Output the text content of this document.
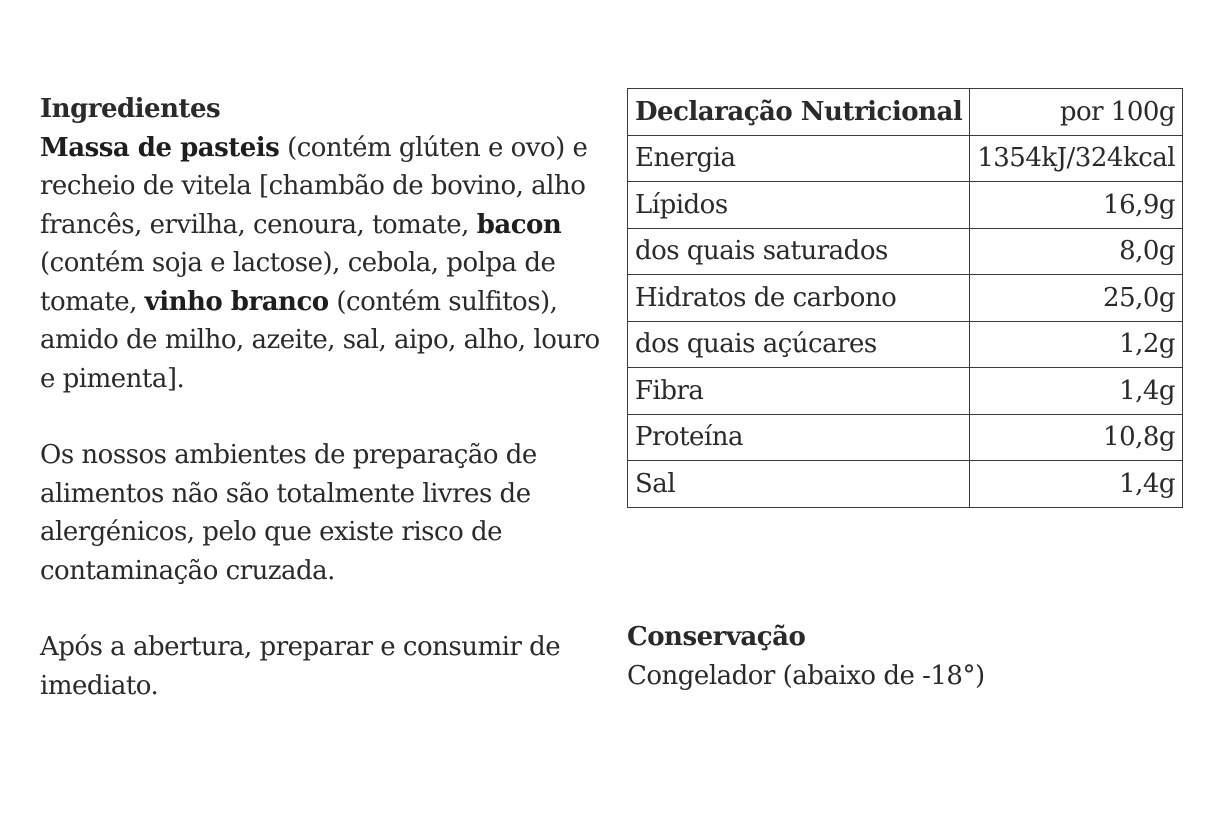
Ingredientes

Massa de pasteis (contém glúten e ovo) e recheio de vitela [chambão de bovino, alho francês, ervilha, cenoura, tomate, bacon (contém soja e lactose), cebola, polpa de tomate, vinho branco (contém sulfitos), amido de milho, azeite, sal, aipo, alho, louro e pimenta].

Os nossos ambientes de preparação de alimentos não são totalmente livres de alergénicos, pelo que existe risco de contaminação cruzada.

Após a abertura, preparar e consumir de imediato.

Declaração Nutricional	por 100g
Energia	1354kJ/324kcal
Lípidos	16,9g
dos quais saturados	8,0g
Hidratos de carbono	25,0g
dos quais açúcares	1,2g
Fibra	1,4g
Proteína	10,8g
Sal	1,4g

Conservação

Congelador (abaixo de -18°)
